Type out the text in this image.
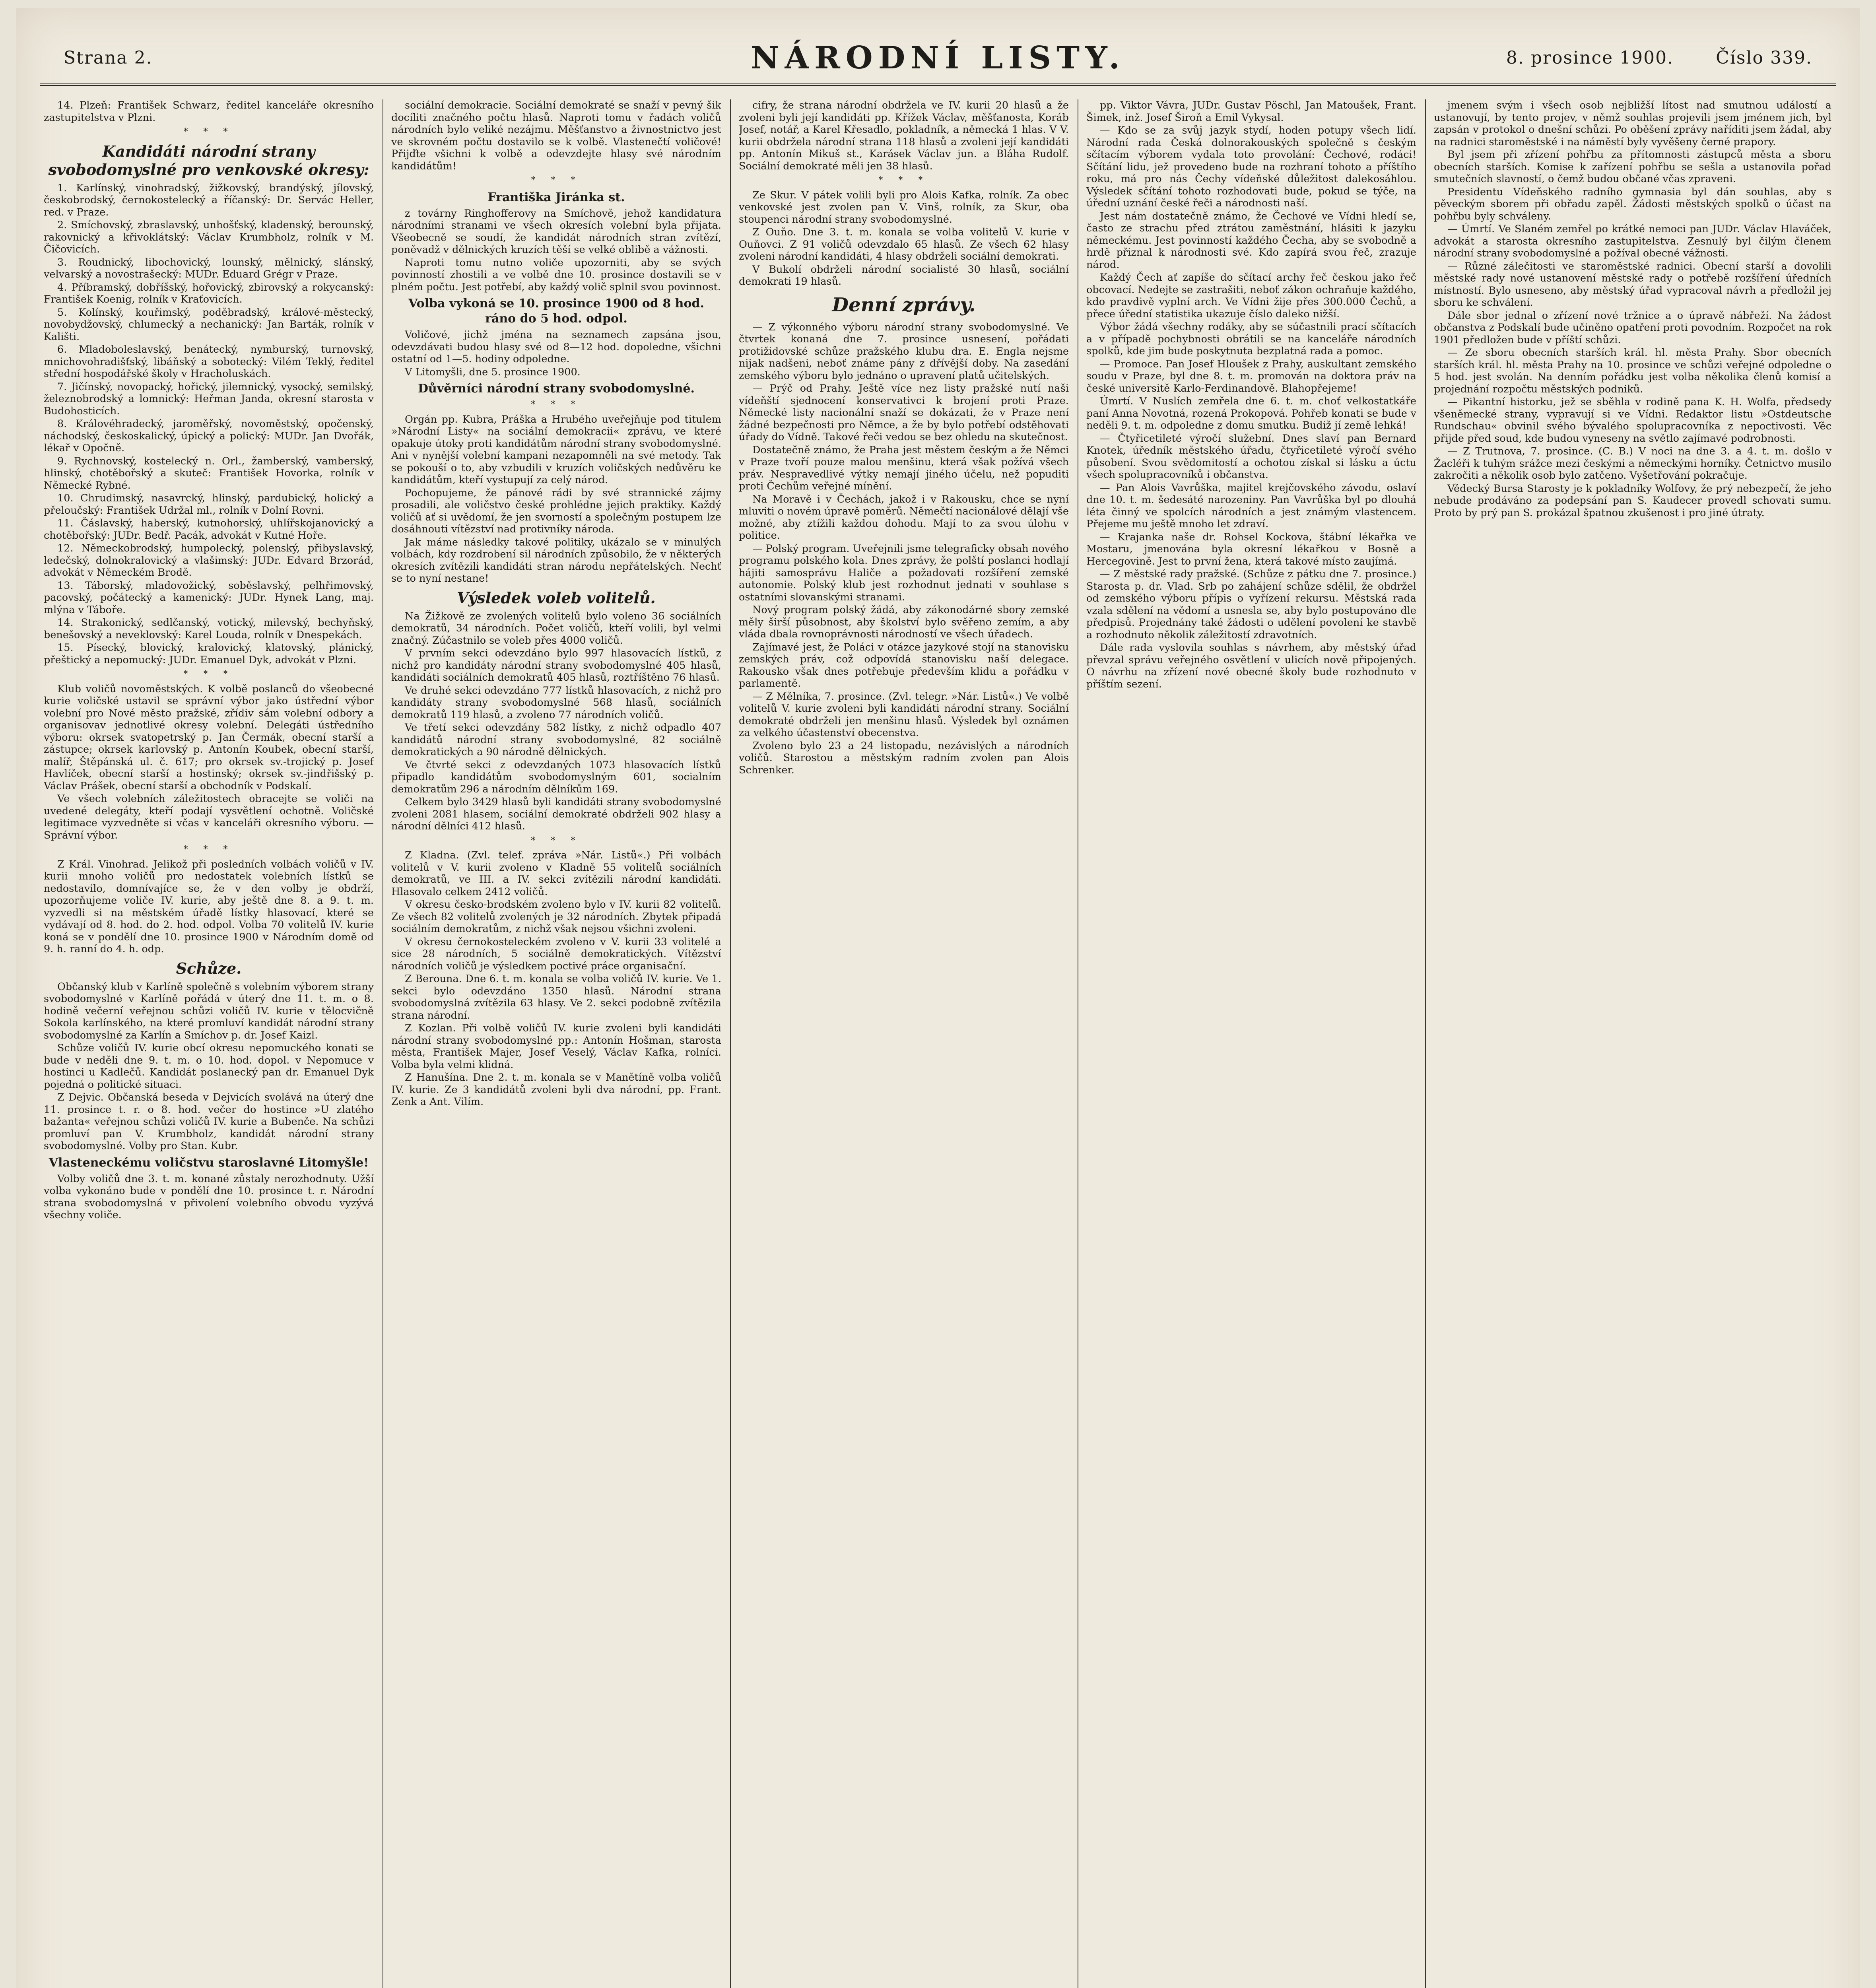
Strana 2.	NÁRODNÍ LISTY.	8. prosince 1900. Číslo 339.

14. Plzeň: František Schwarz, ředitel kanceláře okresního zastupitelstva v Plzni.

* * *
Kandidáti národní strany svobodomyslné pro venkovské okresy:

1. Karlínský, vinohradský, žižkovský, brandýský, jílovský, českobrodský, černokostelecký a říčanský: Dr. Servác Heller, red. v Praze.

2. Smíchovský, zbraslavský, unhošťský, kladenský, berounský, rakovnický a křivoklátský: Václav Krumbholz, rolník v M. Čičovicích.

3. Roudnický, libochovický, lounský, mělnický, slánský, velvarský a novostrašecký: MUDr. Eduard Grégr v Praze.

4. Příbramský, dobříšský, hořovický, zbirovský a rokycanský: František Koenig, rolník v Kraťovicích.

5. Kolínský, kouřimský, poděbradský, králové-městecký, novobydžovský, chlumecký a nechanický: Jan Barták, rolník v Kališti.

6. Mladoboleslavský, benátecký, nymburský, turnovský, mnichovohradišťský, libáňský a sobotecký: Vilém Teklý, ředitel střední hospodářské školy v Hracholuskách.

7. Jičínský, novopacký, hořický, jilemnický, vysocký, semilský, železnobrodský a lomnický: Heřman Janda, okresní starosta v Budohosticích.

8. Královéhradecký, jaroměřský, novoměstský, opočenský, náchodský, českoskalický, úpický a polický: MUDr. Jan Dvořák, lékař v Opočně.

9. Rychnovský, kostelecký n. Orl., žamberský, vamberský, hlinský, chotěbořský a skuteč: František Hovorka, rolník v Německé Rybné.

10. Chrudimský, nasavrcký, hlinský, pardubický, holický a přeloučský: František Udržal ml., rolník v Dolní Rovni.

11. Čáslavský, haberský, kutnohorský, uhlířskojanovický a chotěbořský: JUDr. Bedř. Pacák, advokát v Kutné Hoře.

12. Německobrodský, humpolecký, polenský, přibyslavský, ledečský, dolnokralovický a vlašimský: JUDr. Edvard Brzorád, advokát v Německém Brodě.

13. Táborský, mladovožický, soběslavský, pelhřimovský, pacovský, počátecký a kamenický: JUDr. Hynek Lang, maj. mlýna v Táboře.

14. Strakonický, sedlčanský, votický, milevský, bechyňský, benešovský a neveklovský: Karel Louda, rolník v Dnespekách.

15. Písecký, blovický, kralovický, klatovský, plánický, přeštický a nepomucký: JUDr. Emanuel Dyk, advokát v Plzni.

* * *

Klub voličů novoměstských. K volbě poslanců do všeobecné kurie voličské ustavil se správní výbor jako ústřední výbor volební pro Nové město pražské, zřídiv sám volební odbory a organisovav jednotlivé okresy volební. Delegáti ústředního výboru: okrsek svatopetrský p. Jan Čermák, obecní starší a zástupce; okrsek karlovský p. Antonín Koubek, obecní starší, malíř, Štěpánská ul. č. 617; pro okrsek sv.-trojický p. Josef Havlíček, obecní starší a hostinský; okrsek sv.-jindřišský p. Václav Prášek, obecní starší a obchodník v Podskalí.

Ve všech volebních záležitostech obracejte se voliči na uvedené delegáty, kteří podají vysvětlení ochotně. Voličské legitimace vyzvedněte si včas v kanceláři okresního výboru. — Správní výbor.

* * *

Z Král. Vinohrad. Jelikož při posledních volbách voličů v IV. kurii mnoho voličů pro nedostatek volebních lístků se nedostavilo, domnívajíce se, že v den volby je obdrží, upozorňujeme voliče IV. kurie, aby ještě dne 8. a 9. t. m. vyzvedli si na městském úřadě lístky hlasovací, které se vydávají od 8. hod. do 2. hod. odpol. Volba 70 volitelů IV. kurie koná se v pondělí dne 10. prosince 1900 v Národním domě od 9. h. ranní do 4. h. odp.

Schůze.

Občanský klub v Karlíně společně s volebním výborem strany svobodomyslné v Karlíně pořádá v úterý dne 11. t. m. o 8. hodině večerní veřejnou schůzi voličů IV. kurie v tělocvičně Sokola karlínského, na které promluví kandidát národní strany svobodomyslné za Karlín a Smíchov p. dr. Josef Kaizl.

Schůze voličů IV. kurie obcí okresu nepomuckého konati se bude v neděli dne 9. t. m. o 10. hod. dopol. v Nepomuce v hostinci u Kadlečů. Kandidát poslanecký pan dr. Emanuel Dyk pojedná o politické situaci.

Z Dejvic. Občanská beseda v Dejvicích svolává na úterý dne 11. prosince t. r. o 8. hod. večer do hostince »U zlatého bažanta« veřejnou schůzi voličů IV. kurie a Bubenče. Na schůzi promluví pan V. Krumbholz, kandidát národní strany svobodomyslné. Volby pro Stan. Kubr.

Vlasteneckému voličstvu staroslavné Litomyšle!

Volby voličů dne 3. t. m. konané zůstaly nerozhodnuty. Užší volba vykonáno bude v pondělí dne 10. prosince t. r. Národní strana svobodomyslná v přivolení volebního obvodu vyzývá všechny voliče.

sociální demokracie. Sociální demokraté se snaží v pevný šik docíliti značného počtu hlasů. Naproti tomu v řadách voličů národních bylo veliké nezájmu. Měšťanstvo a živnostnictvo jest ve skrovném počtu dostavilo se k volbě. Vlastenečtí voličové! Přijďte všichni k volbě a odevzdejte hlasy své národním kandidátům!

* * *
Františka Jiránka st.

z továrny Ringhofferovy na Smíchově, jehož kandidatura národními stranami ve všech okresích volební byla přijata. Všeobecně se soudí, že kandidát národních stran zvítězí, poněvadž v dělnických kruzích těší se velké oblibě a vážnosti.

Naproti tomu nutno voliče upozorniti, aby se svých povinností zhostili a ve volbě dne 10. prosince dostavili se v plném počtu. Jest potřebí, aby každý volič splnil svou povinnost.

Volba vykoná se 10. prosince 1900 od 8 hod. ráno do 5 hod. odpol.

Voličové, jichž jména na seznamech zapsána jsou, odevzdávati budou hlasy své od 8—12 hod. dopoledne, všichni ostatní od 1—5. hodiny odpoledne.

V Litomyšli, dne 5. prosince 1900.

Důvěrníci národní strany svobodomyslné.
* * *

Orgán pp. Kubra, Práška a Hrubého uveřejňuje pod titulem »Národní Listy« na sociální demokracii« zprávu, ve které opakuje útoky proti kandidátům národní strany svobodomyslné. Ani v nynější volební kampani nezapomněli na své metody. Tak se pokouší o to, aby vzbudili v kruzích voličských nedůvěru ke kandidátům, kteří vystupují za celý národ.

Pochopujeme, že pánové rádi by své strannické zájmy prosadili, ale voličstvo české prohlédne jejich praktiky. Každý voličů ať si uvědomí, že jen svorností a společným postupem lze dosáhnouti vítězství nad protivníky národa.

Jak máme následky takové politiky, ukázalo se v minulých volbách, kdy rozdrobení sil národních způsobilo, že v některých okresích zvítězili kandidáti stran národu nepřátelských. Nechť se to nyní nestane!

Výsledek voleb volitelů.

Na Žižkově ze zvolených volitelů bylo voleno 36 sociálních demokratů, 34 národních. Počet voličů, kteří volili, byl velmi značný. Zúčastnilo se voleb přes 4000 voličů.

V prvním sekci odevzdáno bylo 997 hlasovacích lístků, z nichž pro kandidáty národní strany svobodomyslné 405 hlasů, kandidáti sociálních demokratů 405 hlasů, roztříštěno 76 hlasů.

Ve druhé sekci odevzdáno 777 lístků hlasovacích, z nichž pro kandidáty strany svobodomyslné 568 hlasů, sociálních demokratů 119 hlasů, a zvoleno 77 národních voličů.

Ve třetí sekci odevzdány 582 lístky, z nichž odpadlo 407 kandidátů národní strany svobodomyslné, 82 sociálně demokratických a 90 národně dělnických.

Ve čtvrté sekci z odevzdaných 1073 hlasovacích lístků připadlo kandidátům svobodomyslným 601, socialním demokratům 296 a národním dělníkům 169.

Celkem bylo 3429 hlasů byli kandidáti strany svobodomyslné zvoleni 2081 hlasem, sociální demokraté obdrželi 902 hlasy a národní dělníci 412 hlasů.

* * *

Z Kladna. (Zvl. telef. zpráva »Nár. Listů«.) Při volbách volitelů v V. kurii zvoleno v Kladně 55 volitelů sociálních demokratů, ve III. a IV. sekci zvítězili národní kandidáti. Hlasovalo celkem 2412 voličů.

V okresu česko-brodském zvoleno bylo v IV. kurii 82 volitelů. Ze všech 82 volitelů zvolených je 32 národních. Zbytek připadá sociálním demokratům, z nichž však nejsou všichni zvoleni.

V okresu černokosteleckém zvoleno v V. kurii 33 volitelé a sice 28 národních, 5 sociálně demokratických. Vítězství národních voličů je výsledkem poctivé práce organisační.

Z Berouna. Dne 6. t. m. konala se volba voličů IV. kurie. Ve 1. sekci bylo odevzdáno 1350 hlasů. Národní strana svobodomyslná zvítězila 63 hlasy. Ve 2. sekci podobně zvítězila strana národní.

Z Kozlan. Při volbě voličů IV. kurie zvoleni byli kandidáti národní strany svobodomyslné pp.: Antonín Hošman, starosta města, František Majer, Josef Veselý, Václav Kafka, rolníci. Volba byla velmi klidná.

Z Hanušína. Dne 2. t. m. konala se v Manětíně volba voličů IV. kurie. Ze 3 kandidátů zvoleni byli dva národní, pp. Frant. Zenk a Ant. Vilím.

cifry, že strana národní obdržela ve IV. kurii 20 hlasů a že zvoleni byli její kandidáti pp. Křížek Václav, měšťanosta, Koráb Josef, notář, a Karel Křesadlo, pokladník, a německá 1 hlas. V V. kurii obdržela národní strana 118 hlasů a zvoleni její kandidáti pp. Antonín Mikuš st., Karásek Václav jun. a Bláha Rudolf. Sociální demokraté měli jen 38 hlasů.

* * *

Ze Skur. V pátek volili byli pro Alois Kafka, rolník. Za obec venkovské jest zvolen pan V. Vinš, rolník, za Skur, oba stoupenci národní strany svobodomyslné.

Z Ouňo. Dne 3. t. m. konala se volba volitelů V. kurie v Ouňovci. Z 91 voličů odevzdalo 65 hlasů. Ze všech 62 hlasy zvoleni národní kandidáti, 4 hlasy obdrželi sociální demokrati.

V Bukolí obdrželi národní socialisté 30 hlasů, sociální demokrati 19 hlasů.

Denní zprávy.

— Z výkonného výboru národní strany svobodomyslné. Ve čtvrtek konaná dne 7. prosince usnesení, pořádati protižidovské schůze pražského klubu dra. E. Engla nejsme nijak nadšeni, neboť známe pány z dřívější doby. Na zasedání zemského výboru bylo jednáno o upravení platů učitelských.

— Prýč od Prahy. Ještě více nez listy pražské nutí naši vídeňští sjednocení konservativci k brojení proti Praze. Německé listy nacionální snaží se dokázati, že v Praze není žádné bezpečnosti pro Němce, a že by bylo potřebí odstěhovati úřady do Vídně. Takové řeči vedou se bez ohledu na skutečnost.

Dostatečně známo, že Praha jest městem českým a že Němci v Praze tvoří pouze malou menšinu, která však požívá všech práv. Nespravedlivé výtky nemají jiného účelu, než popuditi proti Čechům veřejné mínění.

Na Moravě i v Čechách, jakož i v Rakousku, chce se nyní mluviti o novém úpravě poměrů. Němečtí nacionálové dělají vše možné, aby ztížili každou dohodu. Mají to za svou úlohu v politice.

— Polský program. Uveřejnili jsme telegraficky obsah nového programu polského kola. Dnes zprávy, že polští poslanci hodlají hájiti samosprávu Haliče a požadovati rozšíření zemské autonomie. Polský klub jest rozhodnut jednati v souhlase s ostatními slovanskými stranami.

Nový program polský žádá, aby zákonodárné sbory zemské měly širší působnost, aby školství bylo svěřeno zemím, a aby vláda dbala rovnoprávnosti národností ve všech úřadech.

Zajímavé jest, že Poláci v otázce jazykové stojí na stanovisku zemských práv, což odpovídá stanovisku naší delegace. Rakousko však dnes potřebuje především klidu a pořádku v parlamentě.

— Z Mělníka, 7. prosince. (Zvl. telegr. »Nár. Listů«.) Ve volbě volitelů V. kurie zvoleni byli kandidáti národní strany. Sociální demokraté obdrželi jen menšinu hlasů. Výsledek byl oznámen za velkého účastenství obecenstva.

Zvoleno bylo 23 a 24 listopadu, nezávislých a národních voličů. Starostou a městským radním zvolen pan Alois Schrenker.

pp. Viktor Vávra, JUDr. Gustav Pöschl, Jan Matoušek, Frant. Šimek, inž. Josef Široň a Emil Vykysal.

— Kdo se za svůj jazyk stydí, hoden potupy všech lidí. Národní rada Česká dolnorakouských společně s českým sčítacím výborem vydala toto provolání: Čechové, rodáci! Sčítání lidu, jež provedeno bude na rozhraní tohoto a příštího roku, má pro nás Čechy vídeňské důležitost dalekosáhlou. Výsledek sčítání tohoto rozhodovati bude, pokud se týče, na úřední uznání české řeči a národnosti naší.

Jest nám dostatečně známo, že Čechové ve Vídni hledí se, často ze strachu před ztrátou zaměstnání, hlásiti k jazyku německému. Jest povinností každého Čecha, aby se svobodně a hrdě přiznal k národnosti své. Kdo zapírá svou řeč, zrazuje národ.

Každý Čech ať zapíše do sčítací archy řeč českou jako řeč obcovací. Nedejte se zastrašiti, neboť zákon ochraňuje každého, kdo pravdivě vyplní arch. Ve Vídni žije přes 300.000 Čechů, a přece úřední statistika ukazuje číslo daleko nižší.

Výbor žádá všechny rodáky, aby se súčastnili prací sčítacích a v případě pochybnosti obrátili se na kanceláře národních spolků, kde jim bude poskytnuta bezplatná rada a pomoc.

— Promoce. Pan Josef Hloušek z Prahy, auskultant zemského soudu v Praze, byl dne 8. t. m. promován na doktora práv na české universitě Karlo-Ferdinandově. Blahopřejeme!

Úmrtí. V Nuslích zemřela dne 6. t. m. choť velkostatkáře paní Anna Novotná, rozená Prokopová. Pohřeb konati se bude v neděli 9. t. m. odpoledne z domu smutku. Budiž jí země lehká!

— Čtyřicetileté výročí služební. Dnes slaví pan Bernard Knotek, úředník městského úřadu, čtyřicetileté výročí svého působení. Svou svědomitostí a ochotou získal si lásku a úctu všech spolupracovníků i občanstva.

— Pan Alois Vavrůška, majitel krejčovského závodu, oslaví dne 10. t. m. šedesáté narozeniny. Pan Vavrůška byl po dlouhá léta činný ve spolcích národních a jest známým vlastencem. Přejeme mu ještě mnoho let zdraví.

— Krajanka naše dr. Rohsel Kockova, štábní lékařka ve Mostaru, jmenována byla okresní lékařkou v Bosně a Hercegovině. Jest to první žena, která takové místo zaujímá.

— Z městské rady pražské. (Schůze z pátku dne 7. prosince.) Starosta p. dr. Vlad. Srb po zahájení schůze sdělil, že obdržel od zemského výboru přípis o vyřízení rekursu. Městská rada vzala sdělení na vědomí a usnesla se, aby bylo postupováno dle předpisů. Projednány také žádosti o udělení povolení ke stavbě a rozhodnuto několik záležitostí zdravotních.

Dále rada vyslovila souhlas s návrhem, aby městský úřad převzal správu veřejného osvětlení v ulicích nově připojených. O návrhu na zřízení nové obecné školy bude rozhodnuto v příštím sezení.

jmenem svým i všech osob nejbližší lítost nad smutnou událostí a ustanovují, by tento projev, v němž souhlas projevili jsem jménem jich, byl zapsán v protokol o dnešní schůzi. Po oběšení zprávy naříditi jsem žádal, aby na radnici staroměstské i na náměstí byly vyvěšeny černé prapory.

Byl jsem při zřízení pohřbu za přítomnosti zástupců města a sboru obecních starších. Komise k zařízení pohřbu se sešla a ustanovila pořad smutečních slavností, o čemž budou občané včas zpraveni.

Presidentu Vídeňského radního gymnasia byl dán souhlas, aby s pěveckým sborem při obřadu zapěl. Žádosti městských spolků o účast na pohřbu byly schváleny.

— Úmrtí. Ve Slaném zemřel po krátké nemoci pan JUDr. Václav Hlaváček, advokát a starosta okresního zastupitelstva. Zesnulý byl čilým členem národní strany svobodomyslné a požíval obecné vážnosti.

— Různé zálečitosti ve staroměstské radnici. Obecní starší a dovolili městské rady nové ustanovení městské rady o potřebě rozšíření úředních místností. Bylo usneseno, aby městský úřad vypracoval návrh a předložil jej sboru ke schválení.

Dále sbor jednal o zřízení nové tržnice a o úpravě nábřeží. Na žádost občanstva z Podskalí bude učiněno opatření proti povodním. Rozpočet na rok 1901 předložen bude v příští schůzi.

— Ze sboru obecních starších král. hl. města Prahy. Sbor obecních starších král. hl. města Prahy na 10. prosince ve schůzi veřejné odpoledne o 5 hod. jest svolán. Na denním pořádku jest volba několika členů komisí a projednání rozpočtu městských podniků.

— Pikantní historku, jež se sběhla v rodině pana K. H. Wolfa, předsedy všeněmecké strany, vypravují si ve Vídni. Redaktor listu »Ostdeutsche Rundschau« obvinil svého bývalého spolupracovníka z nepoctivosti. Věc přijde před soud, kde budou vyneseny na světlo zajímavé podrobnosti.

— Z Trutnova, 7. prosince. (C. B.) V noci na dne 3. a 4. t. m. došlo v Žacléři k tuhým srážce mezi českými a německými horníky. Četnictvo musilo zakročiti a několik osob bylo zatčeno. Vyšetřování pokračuje.

Vědecký Bursa Starosty je k pokladníky Wolfovy, že prý nebezpečí, že jeho nebude prodáváno za podepsání pan S. Kaudecer provedl schovati sumu. Proto by prý pan S. prokázal špatnou zkušenost i pro jiné útraty.
